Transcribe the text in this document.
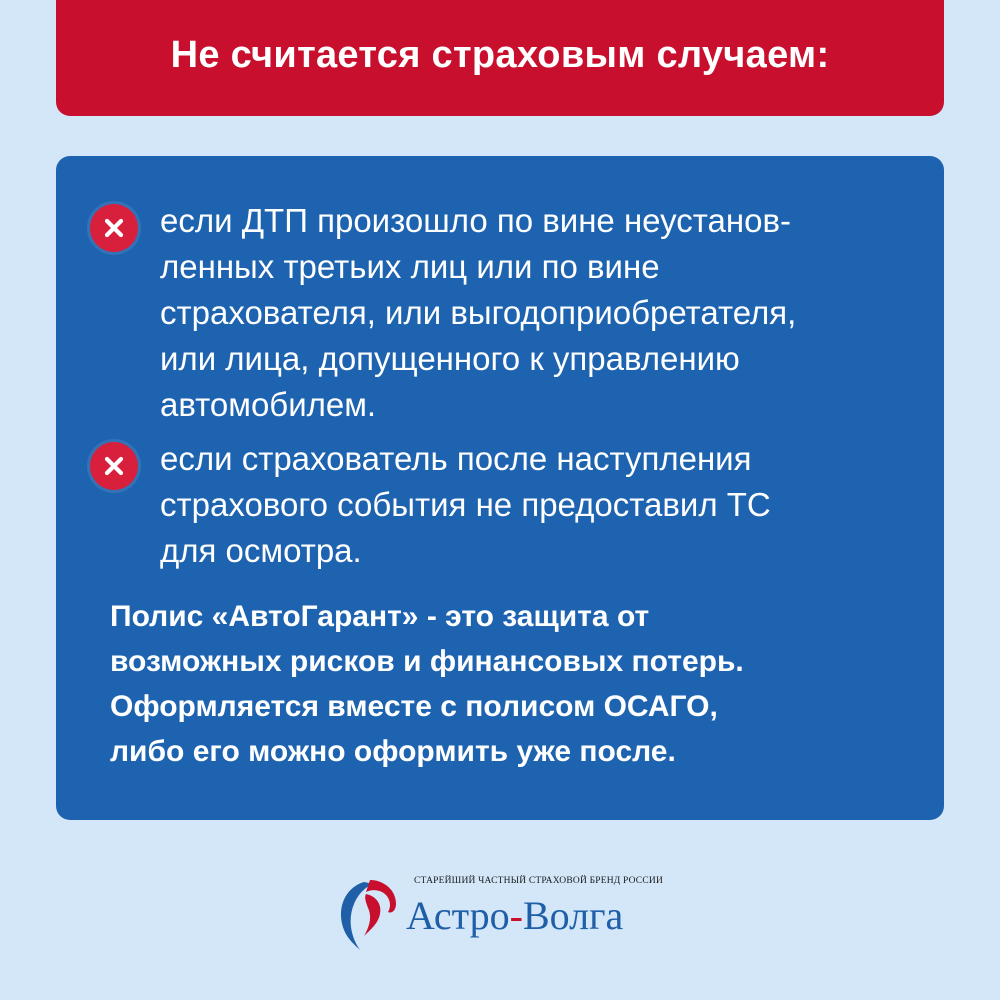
Не считается страховым случаем:
если ДТП произошло по вине неустанов-
ленных третьих лиц или по вине
страхователя, или выгодоприобретателя,
или лица, допущенного к управлению
автомобилем.
если страхователь после наступления
страхового события не предоставил ТС
для осмотра.
Полис «АвтоГарант» - это защита от
возможных рисков и финансовых потерь.
Оформляется вместе с полисом ОСАГО,
либо его можно оформить уже после.
СТАРЕЙШИЙ ЧАСТНЫЙ СТРАХОВОЙ БРЕНД РОССИИ
Астро-Волга
